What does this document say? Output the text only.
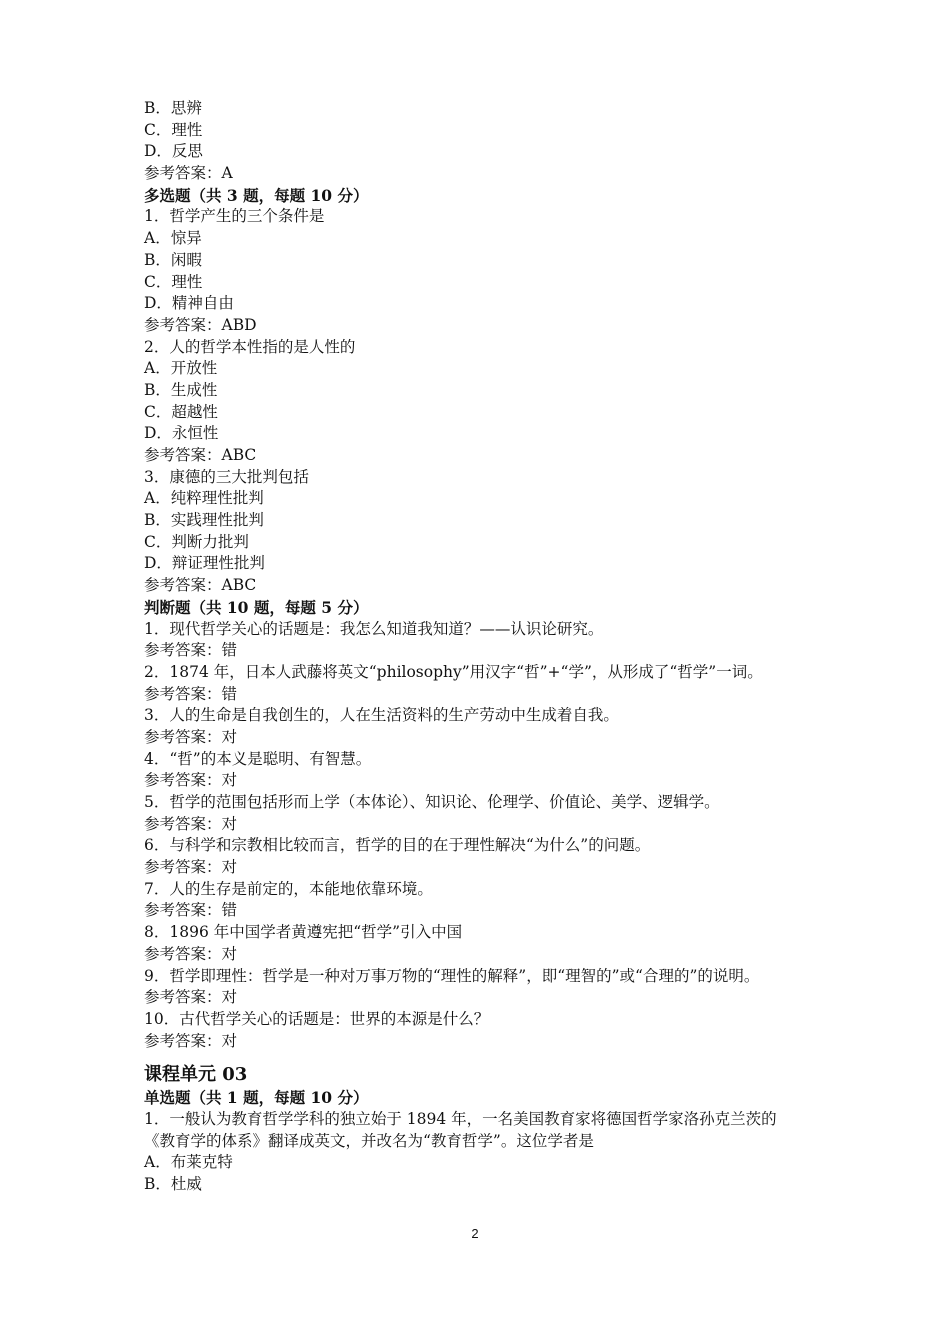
B．思辨
C．理性
D．反思
参考答案：A
多选题（共 3 题，每题 10 分）
1．哲学产生的三个条件是
A．惊异
B．闲暇
C．理性
D．精神自由
参考答案：ABD
2．人的哲学本性指的是人性的
A．开放性
B．生成性
C．超越性
D．永恒性
参考答案：ABC
3．康德的三大批判包括
A．纯粹理性批判
B．实践理性批判
C．判断力批判
D．辩证理性批判
参考答案：ABC
判断题（共 10 题，每题 5 分）
1．现代哲学关心的话题是：我怎么知道我知道？——认识论研究。
参考答案：错
2．1874 年，日本人武藤将英文“philosophy”用汉字“哲”+“学”，从形成了“哲学”一词。
参考答案：错
3．人的生命是自我创生的，人在生活资料的生产劳动中生成着自我。
参考答案：对
4．“哲”的本义是聪明、有智慧。
参考答案：对
5．哲学的范围包括形而上学（本体论）、知识论、伦理学、价值论、美学、逻辑学。
参考答案：对
6．与科学和宗教相比较而言，哲学的目的在于理性解决“为什么”的问题。
参考答案：对
7．人的生存是前定的，本能地依靠环境。
参考答案：错
8．1896 年中国学者黄遵宪把“哲学”引入中国
参考答案：对
9．哲学即理性：哲学是一种对万事万物的“理性的解释”，即“理智的”或“合理的”的说明。
参考答案：对
10．古代哲学关心的话题是：世界的本源是什么？
参考答案：对
课程单元 03
单选题（共 1 题，每题 10 分）
1．一般认为教育哲学学科的独立始于 1894 年，一名美国教育家将德国哲学家洛孙克兰茨的
《教育学的体系》翻译成英文，并改名为“教育哲学”。这位学者是
A．布莱克特
B．杜威
2
